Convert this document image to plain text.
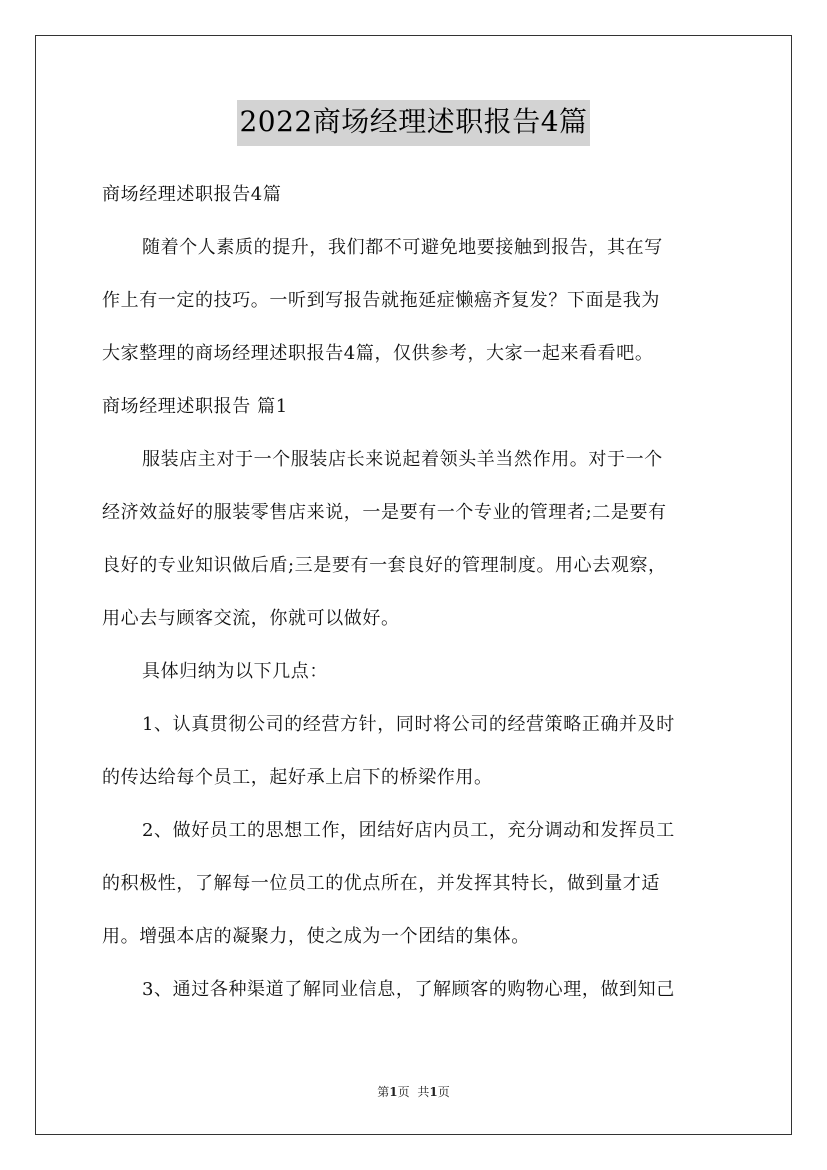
2022商场经理述职报告4篇
商场经理述职报告4篇
随着个人素质的提升，我们都不可避免地要接触到报告，其在写
作上有一定的技巧。一听到写报告就拖延症懒癌齐复发？下面是我为
大家整理的商场经理述职报告4篇，仅供参考，大家一起来看看吧。
商场经理述职报告 篇1
服装店主对于一个服装店长来说起着领头羊当然作用。对于一个
经济效益好的服装零售店来说，一是要有一个专业的管理者;二是要有
良好的专业知识做后盾;三是要有一套良好的管理制度。用心去观察，
用心去与顾客交流，你就可以做好。
具体归纳为以下几点：
1、认真贯彻公司的经营方针，同时将公司的经营策略正确并及时
的传达给每个员工，起好承上启下的桥梁作用。
2、做好员工的思想工作，团结好店内员工，充分调动和发挥员工
的积极性，了解每一位员工的优点所在，并发挥其特长，做到量才适
用。增强本店的凝聚力，使之成为一个团结的集体。
3、通过各种渠道了解同业信息，了解顾客的购物心理，做到知己
第1页 共1页
